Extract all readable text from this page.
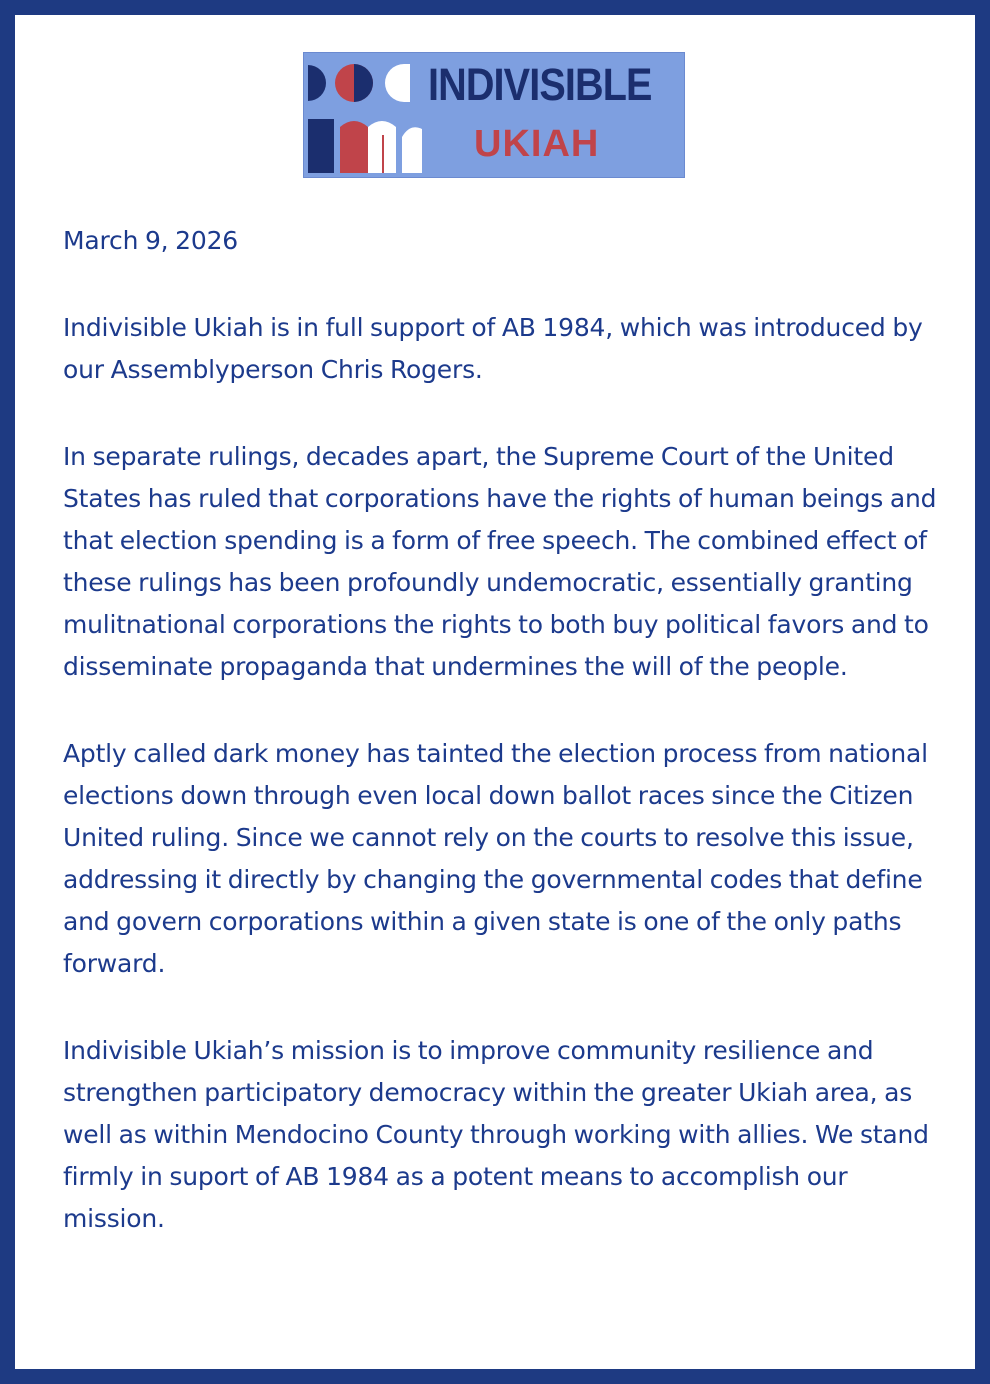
INDIVISIBLE
UKIAH

March 9, 2026

Indivisible Ukiah is in full support of AB 1984, which was introduced by our Assemblyperson Chris Rogers.

In separate rulings, decades apart, the Supreme Court of the United States has ruled that corporations have the rights of human beings and that election spending is a form of free speech. The combined effect of these rulings has been profoundly undemocratic, essentially granting mulitnational corporations the rights to both buy political favors and to disseminate propaganda that undermines the will of the people.

Aptly called dark money has tainted the election process from national elections down through even local down ballot races since the Citizen United ruling. Since we cannot rely on the courts to resolve this issue, addressing it directly by changing the governmental codes that define and govern corporations within a given state is one of the only paths forward.

Indivisible Ukiah’s mission is to improve community resilience and strengthen participatory democracy within the greater Ukiah area, as well as within Mendocino County through working with allies. We stand firmly in suport of AB 1984 as a potent means to accomplish our mission.
